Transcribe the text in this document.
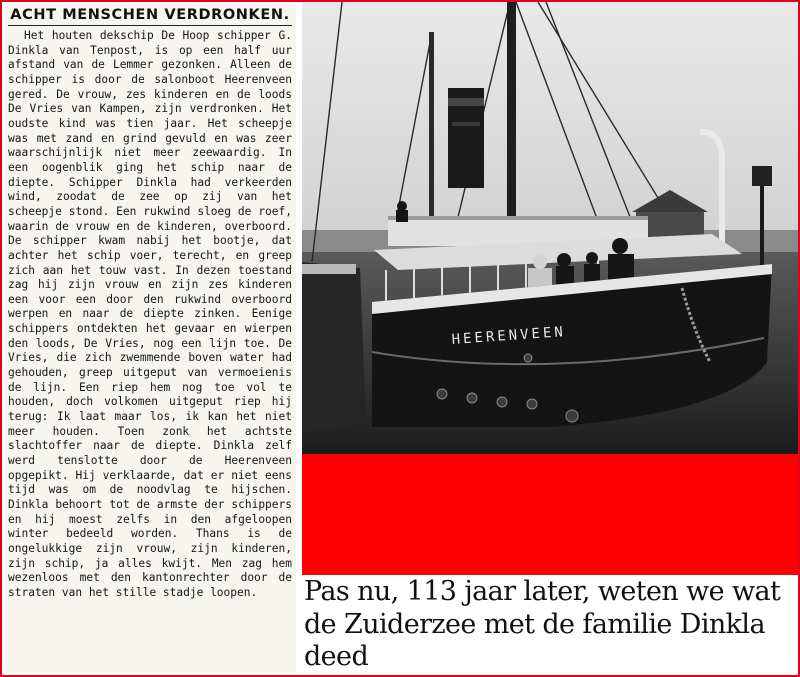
ACHT MENSCHEN VERDRONKEN.

Het houten dekschip De Hoop schipper G. Dinkla van Tenpost, is op een half uur afstand van de Lemmer gezonken. Alleen de schipper is door de salonboot Heerenveen gered. De vrouw, zes kinderen en de loods De Vries van Kampen, zijn verdronken. Het oudste kind was tien jaar. Het scheepje was met zand en grind gevuld en was zeer waarschijnlijk niet meer zeewaardig. In een oogenblik ging het schip naar de diepte. Schipper Dinkla had verkeerden wind, zoodat de zee op zij van het scheepje stond. Een rukwind sloeg de roef, waarin de vrouw en de kinderen, overboord. De schipper kwam nabij het bootje, dat achter het schip voer, terecht, en greep zich aan het touw vast. In dezen toestand zag hij zijn vrouw en zijn zes kinderen een voor een door den rukwind overboord werpen en naar de diepte zinken. Eenige schippers ontdekten het gevaar en wierpen den loods, De Vries, nog een lijn toe. De Vries, die zich zwemmende boven water had gehouden, greep uitgeput van vermoeienis de lijn. Een riep hem nog toe vol te houden, doch volkomen uitgeput riep hij terug: Ik laat maar los, ik kan het niet meer houden. Toen zonk het achtste slachtoffer naar de diepte. Dinkla zelf werd tenslotte door de Heerenveen opgepikt. Hij verklaarde, dat er niet eens tijd was om de noodvlag te hijschen. Dinkla behoort tot de armste der schippers en hij moest zelfs in den afgeloopen winter bedeeld worden. Thans is de ongelukkige zijn vrouw, zijn kinderen, zijn schip, ja alles kwijt. Men zag hem wezenloos met den kantonrechter door de straten van het stille stadje loopen.

HEERENVEEN
Pas nu, 113 jaar later, weten we wat de Zuiderzee met de familie Dinkla deed
